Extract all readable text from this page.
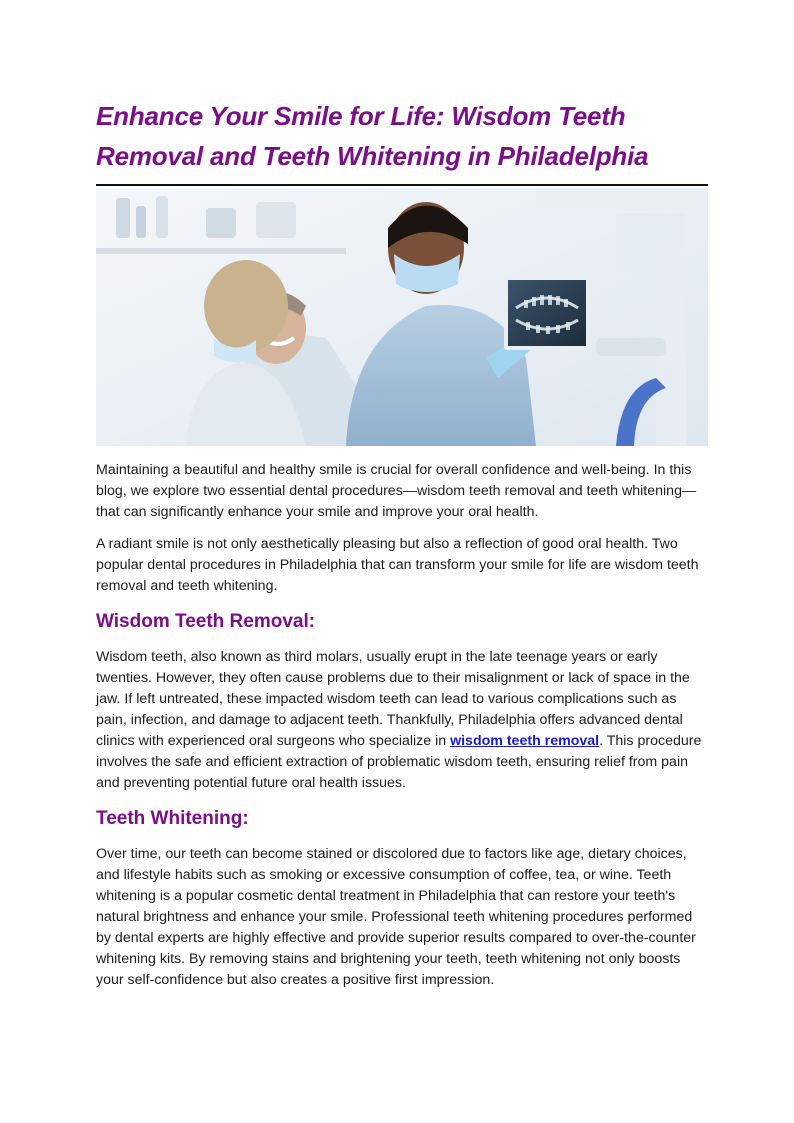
Enhance Your Smile for Life: Wisdom Teeth Removal and Teeth Whitening in Philadelphia

Maintaining a beautiful and healthy smile is crucial for overall confidence and well-being. In this blog, we explore two essential dental procedures—wisdom teeth removal and teeth whitening—that can significantly enhance your smile and improve your oral health.

A radiant smile is not only aesthetically pleasing but also a reflection of good oral health. Two popular dental procedures in Philadelphia that can transform your smile for life are wisdom teeth removal and teeth whitening.

Wisdom Teeth Removal:

Wisdom teeth, also known as third molars, usually erupt in the late teenage years or early twenties. However, they often cause problems due to their misalignment or lack of space in the jaw. If left untreated, these impacted wisdom teeth can lead to various complications such as pain, infection, and damage to adjacent teeth. Thankfully, Philadelphia offers advanced dental clinics with experienced oral surgeons who specialize in wisdom teeth removal. This procedure involves the safe and efficient extraction of problematic wisdom teeth, ensuring relief from pain and preventing potential future oral health issues.

Teeth Whitening:

Over time, our teeth can become stained or discolored due to factors like age, dietary choices, and lifestyle habits such as smoking or excessive consumption of coffee, tea, or wine. Teeth whitening is a popular cosmetic dental treatment in Philadelphia that can restore your teeth's natural brightness and enhance your smile. Professional teeth whitening procedures performed by dental experts are highly effective and provide superior results compared to over-the-counter whitening kits. By removing stains and brightening your teeth, teeth whitening not only boosts your self-confidence but also creates a positive first impression.
